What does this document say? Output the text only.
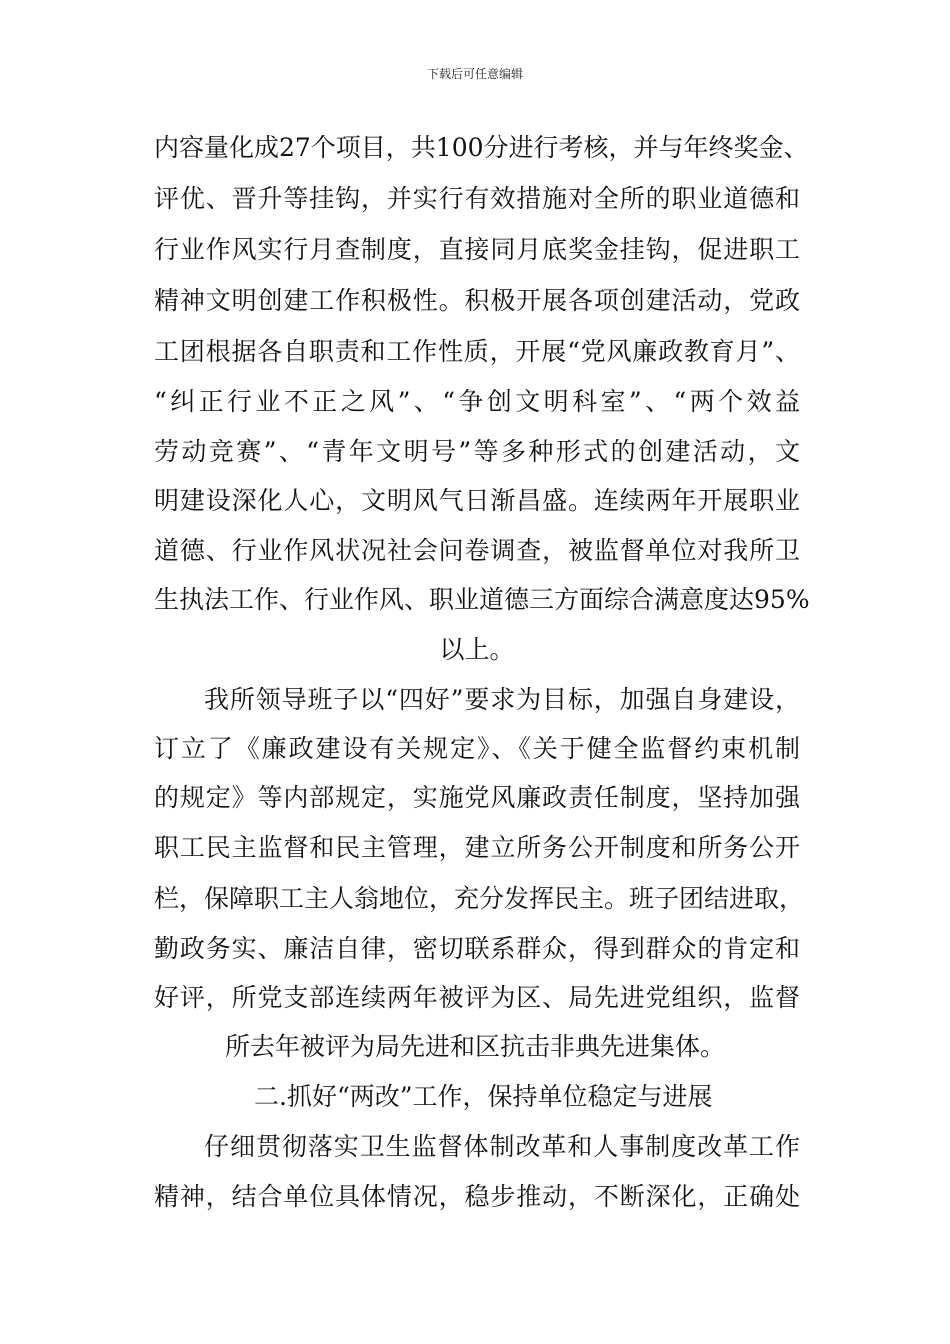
下载后可任意编辑
内容量化成27个项目，共100分进行考核，并与年终奖金、
评优、晋升等挂钩，并实行有效措施对全所的职业道德和
行业作风实行月查制度，直接同月底奖金挂钩，促进职工
精神文明创建工作积极性。积极开展各项创建活动，党政
工团根据各自职责和工作性质，开展“党风廉政教育月”、
“纠正行业不正之风”、“争创文明科室”、“两个效益
劳动竞赛”、“青年文明号”等多种形式的创建活动，文
明建设深化人心，文明风气日渐昌盛。连续两年开展职业
道德、行业作风状况社会问卷调查，被监督单位对我所卫
生执法工作、行业作风、职业道德三方面综合满意度达95%
以上。
我所领导班子以“四好”要求为目标，加强自身建设，
订立了《廉政建设有关规定》、《关于健全监督约束机制
的规定》等内部规定，实施党风廉政责任制度，坚持加强
职工民主监督和民主管理，建立所务公开制度和所务公开
栏，保障职工主人翁地位，充分发挥民主。班子团结进取，
勤政务实、廉洁自律，密切联系群众，得到群众的肯定和
好评，所党支部连续两年被评为区、局先进党组织，监督
所去年被评为局先进和区抗击非典先进集体。
二.抓好“两改”工作，保持单位稳定与进展
仔细贯彻落实卫生监督体制改革和人事制度改革工作
精神，结合单位具体情况，稳步推动，不断深化，正确处
